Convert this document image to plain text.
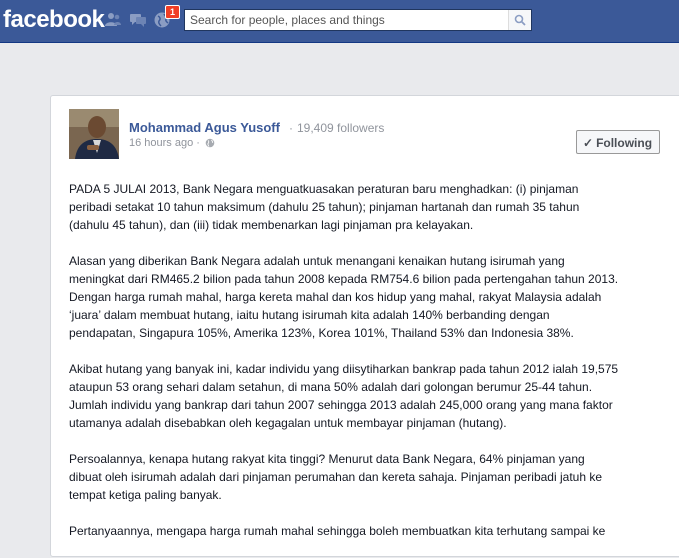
facebook	1
Search for people, places and things
Mohammad Agus Yusoff · 19,409 followers
16 hours ago ·	✓ Following

PADA 5 JULAI 2013, Bank Negara menguatkuasakan peraturan baru menghadkan: (i) pinjaman
peribadi setakat 10 tahun maksimum (dahulu 25 tahun); pinjaman hartanah dan rumah 35 tahun
(dahulu 45 tahun), dan (iii) tidak membenarkan lagi pinjaman pra kelayakan.

Alasan yang diberikan Bank Negara adalah untuk menangani kenaikan hutang isirumah yang
meningkat dari RM465.2 bilion pada tahun 2008 kepada RM754.6 bilion pada pertengahan tahun 2013.
Dengan harga rumah mahal, harga kereta mahal dan kos hidup yang mahal, rakyat Malaysia adalah
‘juara’ dalam membuat hutang, iaitu hutang isirumah kita adalah 140% berbanding dengan
pendapatan, Singapura 105%, Amerika 123%, Korea 101%, Thailand 53% dan Indonesia 38%.

Akibat hutang yang banyak ini, kadar individu yang diisytiharkan bankrap pada tahun 2012 ialah 19,575
ataupun 53 orang sehari dalam setahun, di mana 50% adalah dari golongan berumur 25-44 tahun.
Jumlah individu yang bankrap dari tahun 2007 sehingga 2013 adalah 245,000 orang yang mana faktor
utamanya adalah disebabkan oleh kegagalan untuk membayar pinjaman (hutang).

Persoalannya, kenapa hutang rakyat kita tinggi? Menurut data Bank Negara, 64% pinjaman yang
dibuat oleh isirumah adalah dari pinjaman perumahan dan kereta sahaja. Pinjaman peribadi jatuh ke
tempat ketiga paling banyak.

Pertanyaannya, mengapa harga rumah mahal sehingga boleh membuatkan kita terhutang sampai ke
